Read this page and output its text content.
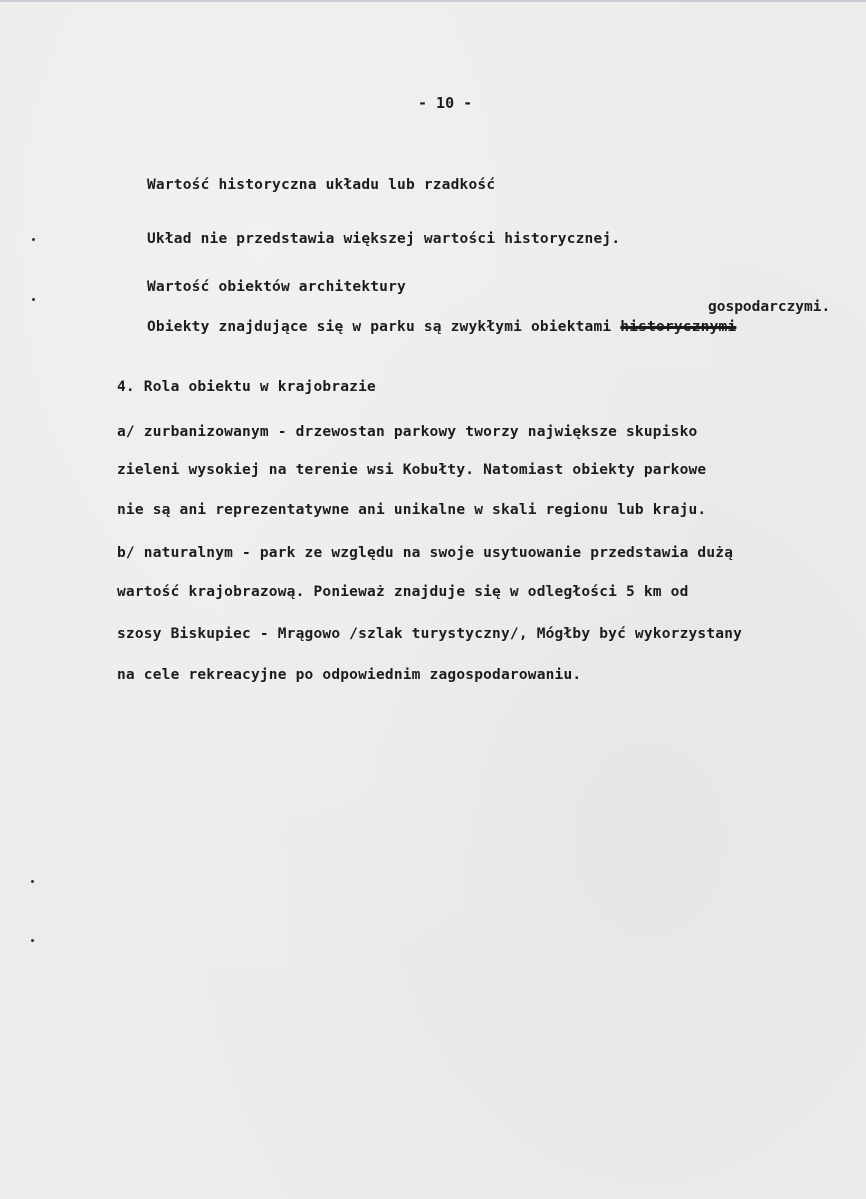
- 10 -
Wartość historyczna układu lub rzadkość
Układ nie przedstawia większej wartości historycznej.
Wartość obiektów architektury
gospodarczymi.
Obiekty znajdujące się w parku są zwykłymi obiektami historycznymi
4. Rola obiektu w krajobrazie
a/ zurbanizowanym - drzewostan parkowy tworzy największe skupisko
zieleni wysokiej na terenie wsi Kobułty. Natomiast obiekty parkowe
nie są ani reprezentatywne ani unikalne w skali regionu lub kraju.
b/ naturalnym - park ze względu na swoje usytuowanie przedstawia dużą
wartość krajobrazową. Ponieważ znajduje się w odległości 5 km od
szosy Biskupiec - Mrągowo /szlak turystyczny/, Mógłby być wykorzystany
na cele rekreacyjne po odpowiednim zagospodarowaniu.
